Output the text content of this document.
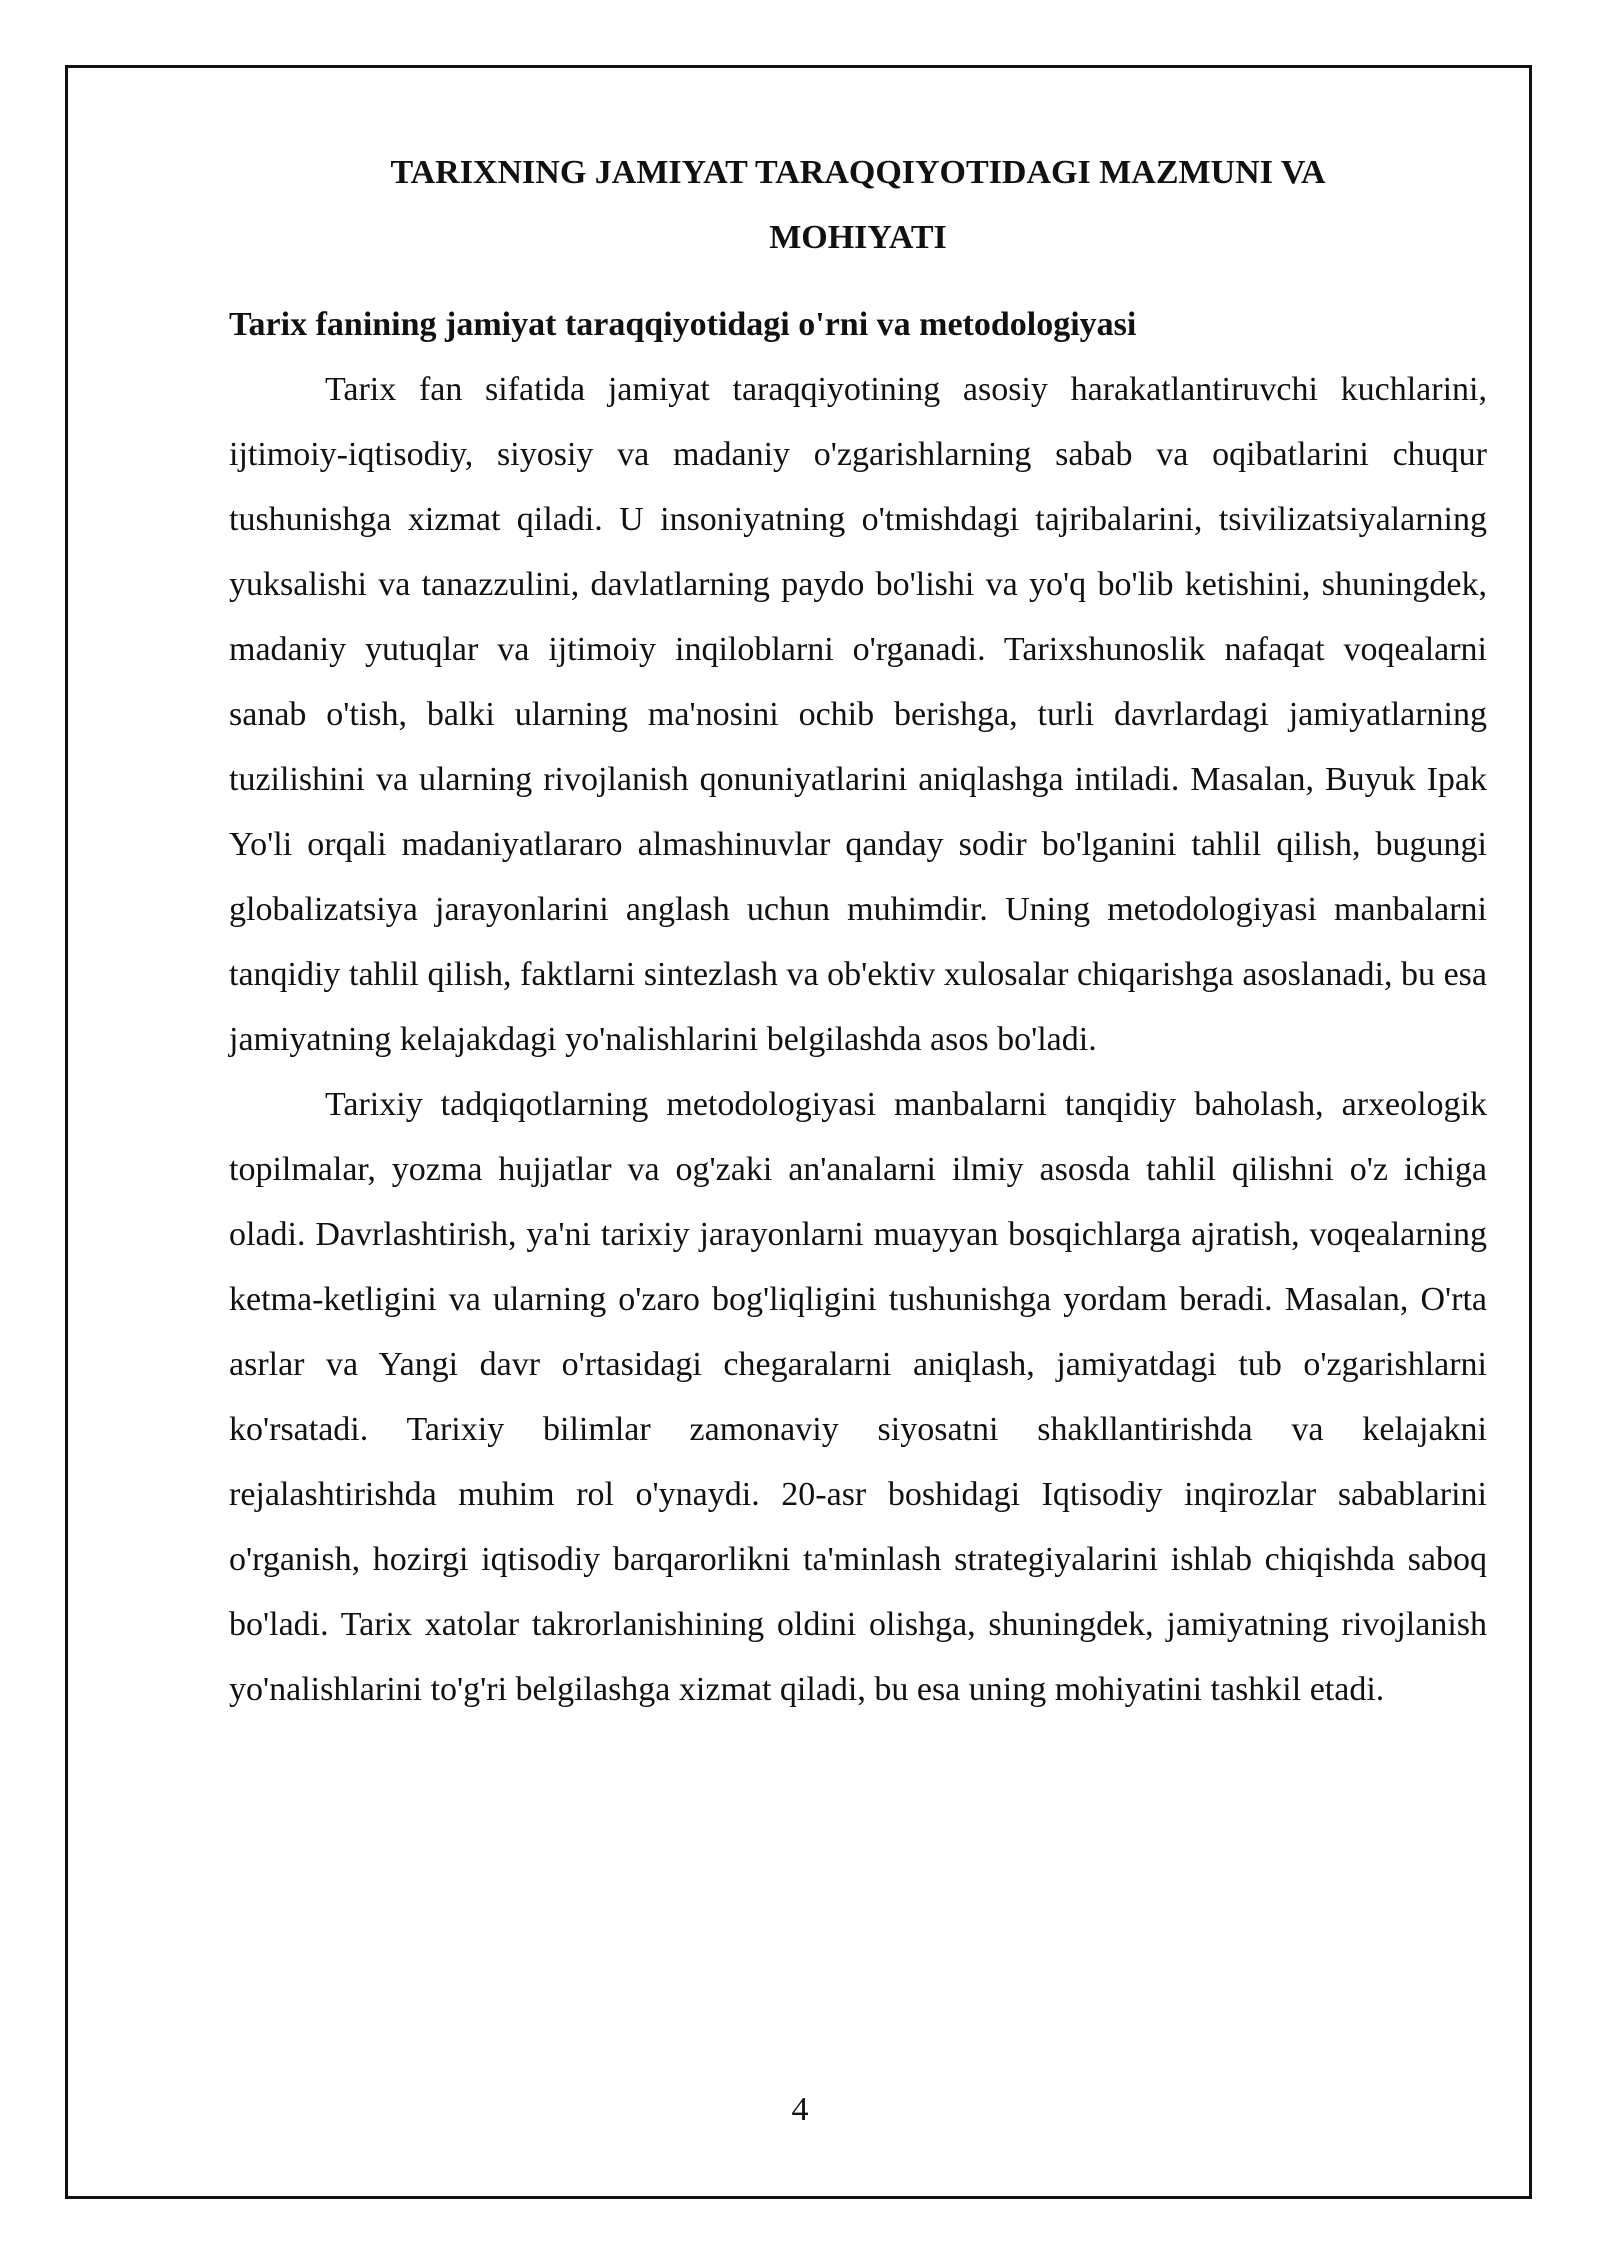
TARIXNING JAMIYAT TARAQQIYOTIDAGI MAZMUNI VA
MOHIYATI
Tarix fanining jamiyat taraqqiyotidagi o'rni va metodologiyasi

Tarix fan sifatida jamiyat taraqqiyotining asosiy harakatlantiruvchi kuchlarini, ijtimoiy-iqtisodiy, siyosiy va madaniy o'zgarishlarning sabab va oqibatlarini chuqur tushunishga xizmat qiladi. U insoniyatning o'tmishdagi tajribalarini, tsivilizatsiyalarning yuksalishi va tanazzulini, davlatlarning paydo bo'lishi va yo'q bo'lib ketishini, shuningdek, madaniy yutuqlar va ijtimoiy inqiloblarni o'rganadi. Tarixshunoslik nafaqat voqealarni sanab o'tish, balki ularning ma'nosini ochib berishga, turli davrlardagi jamiyatlarning tuzilishini va ularning rivojlanish qonuniyatlarini aniqlashga intiladi. Masalan, Buyuk Ipak Yo'li orqali madaniyatlararo almashinuvlar qanday sodir bo'lganini tahlil qilish, bugungi globalizatsiya jarayonlarini anglash uchun muhimdir. Uning metodologiyasi manbalarni tanqidiy tahlil qilish, faktlarni sintezlash va ob'ektiv xulosalar chiqarishga asoslanadi, bu esa jamiyatning kelajakdagi yo'nalishlarini belgilashda asos bo'ladi.

Tarixiy tadqiqotlarning metodologiyasi manbalarni tanqidiy baholash, arxeologik topilmalar, yozma hujjatlar va og'zaki an'analarni ilmiy asosda tahlil qilishni o'z ichiga oladi. Davrlashtirish, ya'ni tarixiy jarayonlarni muayyan bosqichlarga ajratish, voqealarning ketma-ketligini va ularning o'zaro bog'liqligini tushunishga yordam beradi. Masalan, O'rta asrlar va Yangi davr o'rtasidagi chegaralarni aniqlash, jamiyatdagi tub o'zgarishlarni ko'rsatadi. Tarixiy bilimlar zamonaviy siyosatni shakllantirishda va kelajakni rejalashtirishda muhim rol o'ynaydi. 20-asr boshidagi Iqtisodiy inqirozlar sabablarini o'rganish, hozirgi iqtisodiy barqarorlikni ta'minlash strategiyalarini ishlab chiqishda saboq bo'ladi. Tarix xatolar takrorlanishining oldini olishga, shuningdek, jamiyatning rivojlanish yo'nalishlarini to'g'ri belgilashga xizmat qiladi, bu esa uning mohiyatini tashkil etadi.

4
